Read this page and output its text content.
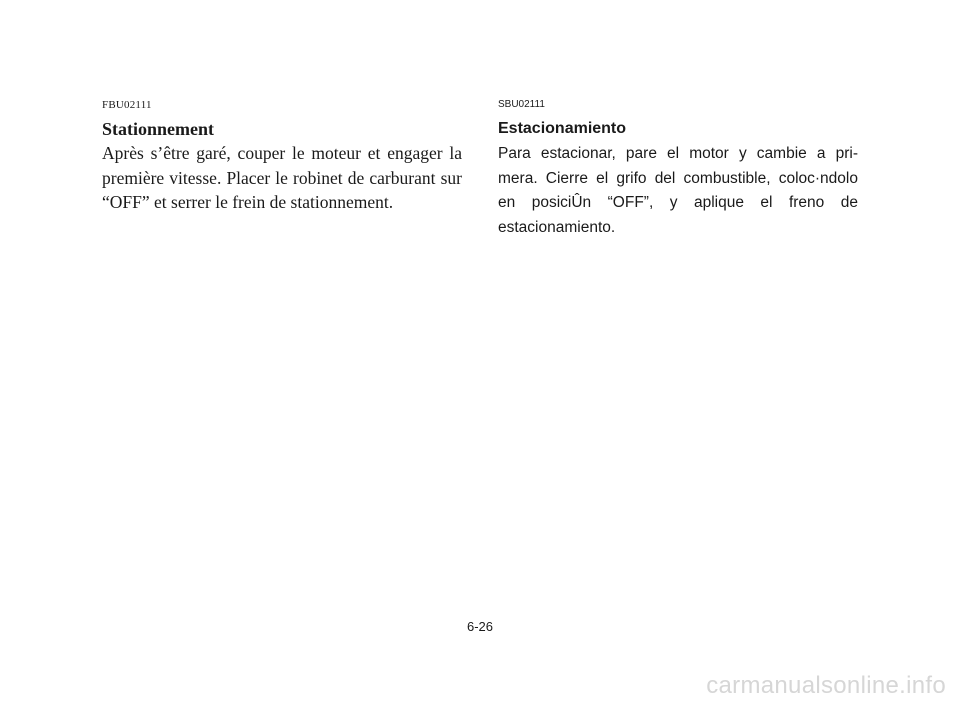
FBU02111
Stationnement

Après s’être garé, couper le moteur et engager la première vitesse. Placer le robinet de carburant sur “OFF” et serrer le frein de stationnement.

SBU02111
Estacionamiento

Para estacionar, pare el motor y cambie a pri-mera. Cierre el grifo del combustible, coloc·ndolo en posiciÛn “OFF”, y aplique el freno de estacionamiento.

6-26
carmanualsonline.info
